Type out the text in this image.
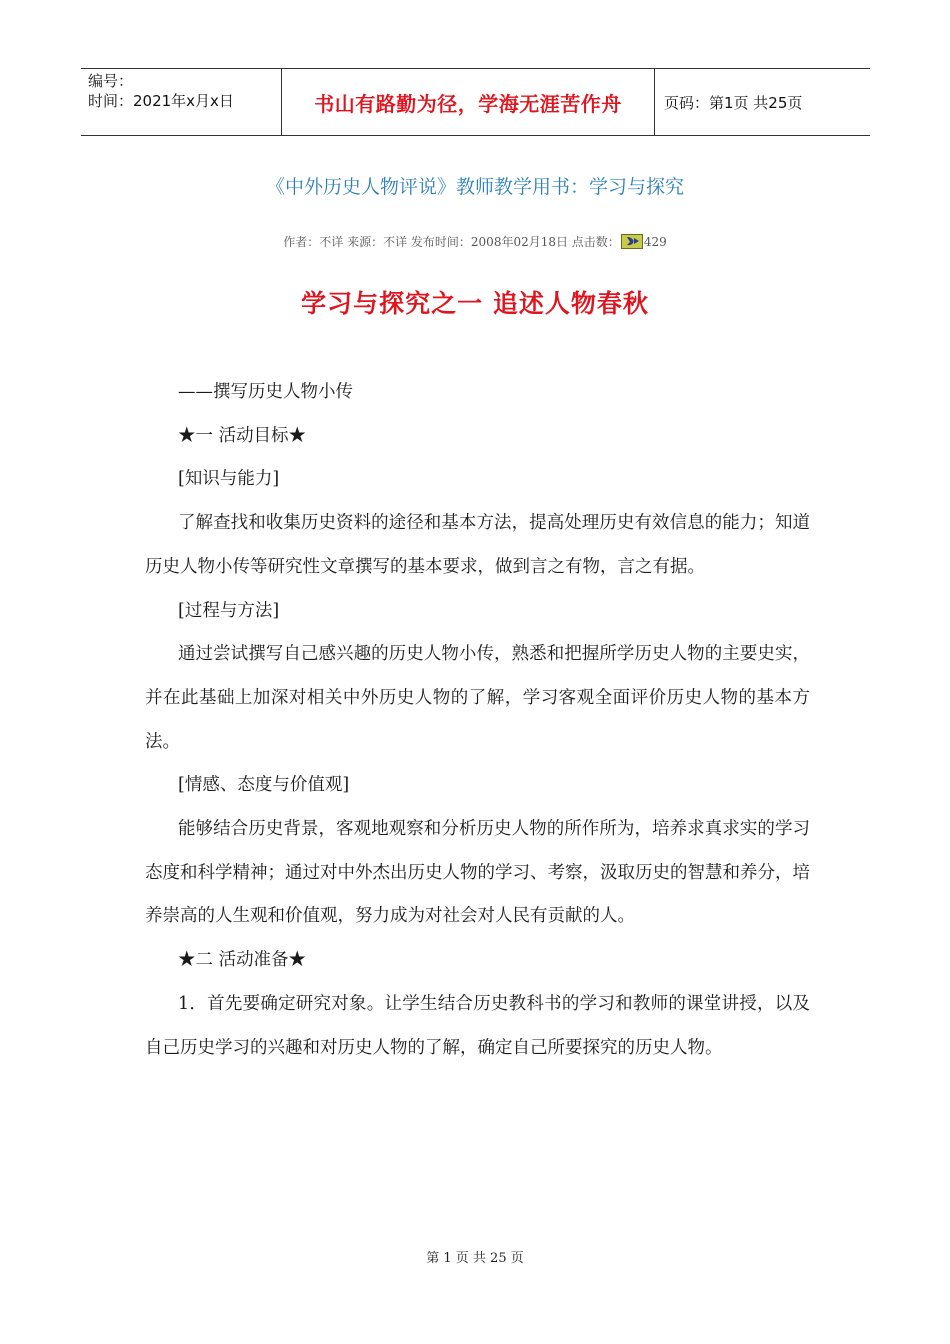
编号：
时间：2021年x月x日	书山有路勤为径，学海无涯苦作舟	页码：第1页 共25页
《中外历史人物评说》教师教学用书：学习与探究
作者：不详 来源：不详 发布时间：2008年02月18日 点击数： 429
学习与探究之一 追述人物春秋

——撰写历史人物小传

★一 活动目标★

[知识与能力]

了解查找和收集历史资料的途径和基本方法，提高处理历史有效信息的能力；知道历史人物小传等研究性文章撰写的基本要求，做到言之有物，言之有据。

[过程与方法]

通过尝试撰写自己感兴趣的历史人物小传，熟悉和把握所学历史人物的主要史实，并在此基础上加深对相关中外历史人物的了解，学习客观全面评价历史人物的基本方法。

[情感、态度与价值观]

能够结合历史背景，客观地观察和分析历史人物的所作所为，培养求真求实的学习态度和科学精神；通过对中外杰出历史人物的学习、考察，汲取历史的智慧和养分，培养崇高的人生观和价值观，努力成为对社会对人民有贡献的人。

★二 活动准备★

1．首先要确定研究对象。让学生结合历史教科书的学习和教师的课堂讲授，以及自己历史学习的兴趣和对历史人物的了解，确定自己所要探究的历史人物。

第 1 页 共 25 页
